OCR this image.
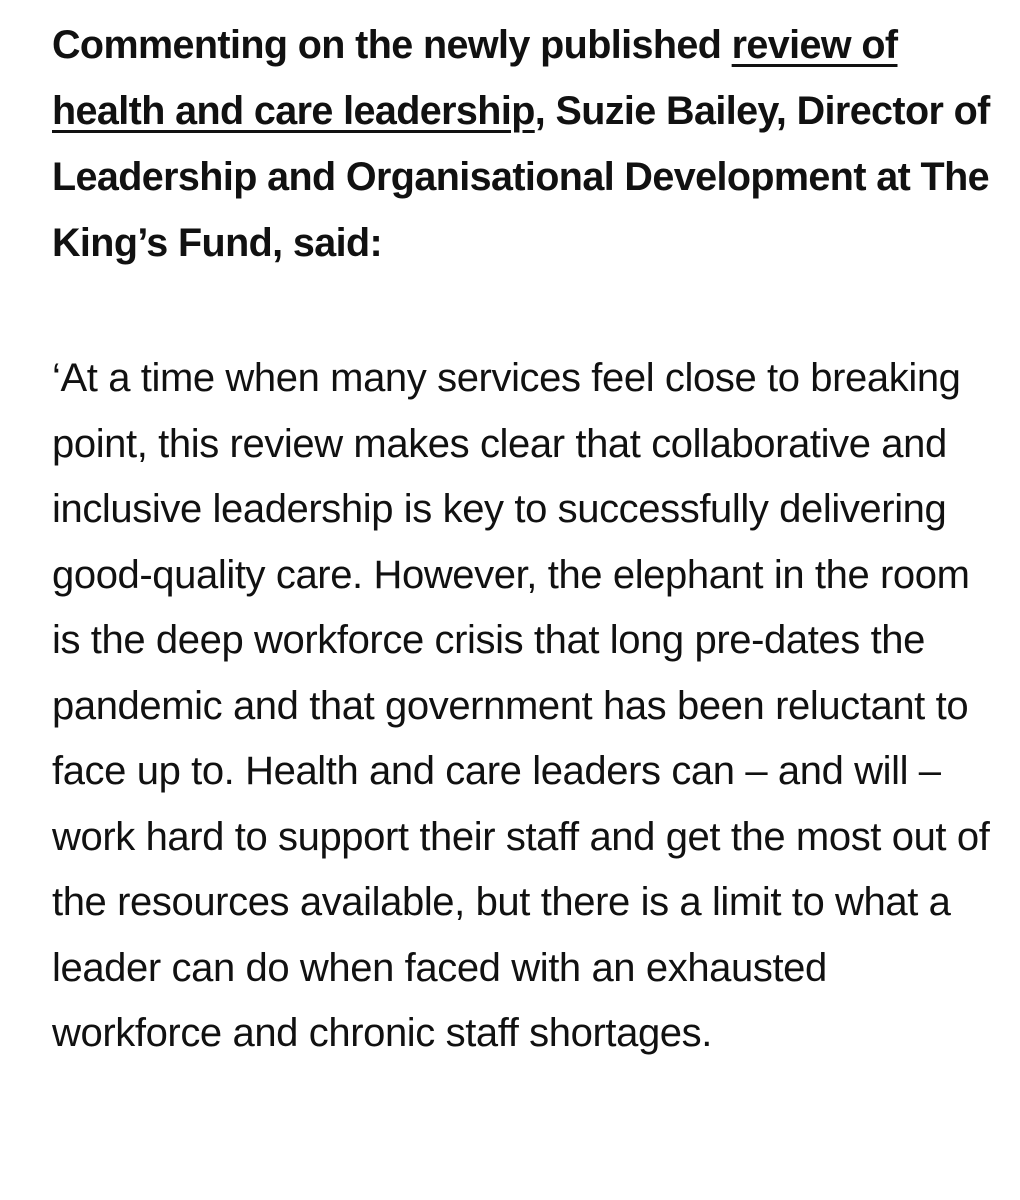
Commenting on the newly published review of health and care leadership, Suzie Bailey, Director of Leadership and Organisational Development at The King’s Fund, said:

‘At a time when many services feel close to breaking point, this review makes clear that collaborative and inclusive leadership is key to successfully delivering good-quality care. However, the elephant in the room is the deep workforce crisis that long pre-dates the pandemic and that government has been reluctant to face up to. Health and care leaders can – and will – work hard to support their staff and get the most out of the resources available, but there is a limit to what a leader can do when faced with an exhausted workforce and chronic staff shortages.
